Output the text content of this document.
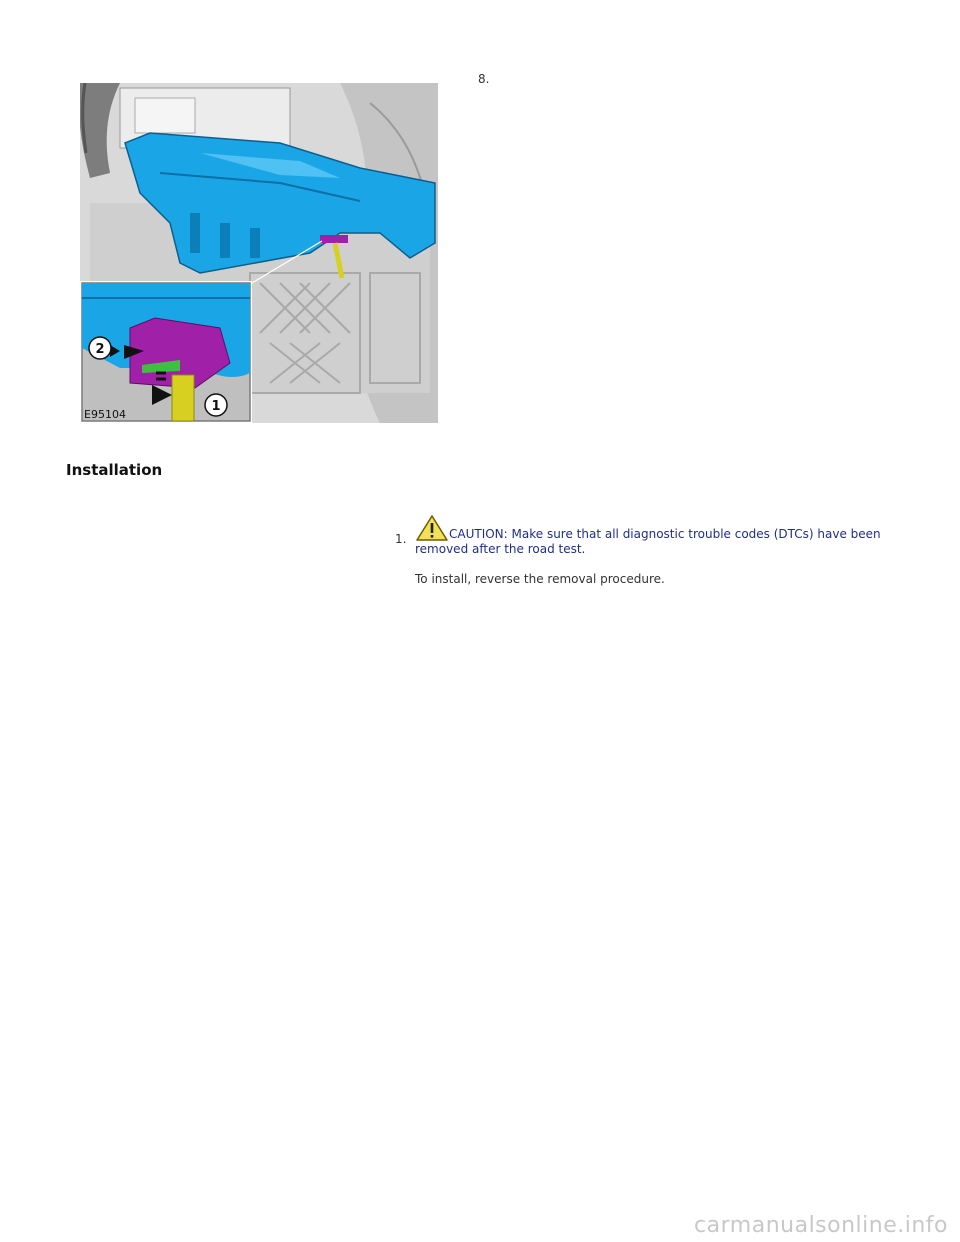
8.
2
1
E95104
Installation
1.	CAUTION: Make sure that all diagnostic trouble codes (DTCs) have been removed after the road test.
To install, reverse the removal procedure.
carmanualsonline.info
